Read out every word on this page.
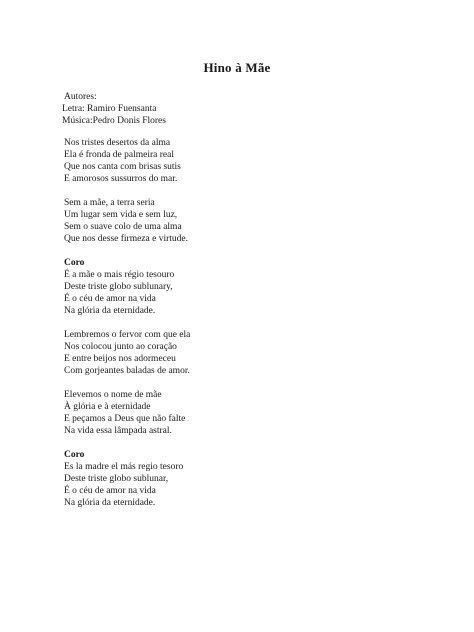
Hino à Mãe
Autores:
Letra: Ramiro Fuensanta
Música:Pedro Donis Flores
Nos tristes desertos da alma
Ela é fronda de palmeira real
Que nos canta com brisas sutis
E amorosos sussurros do mar.
Sem a mãe, a terra seria
Um lugar sem vida e sem luz,
Sem o suave colo de uma alma
Que nos desse firmeza e virtude.
Coro
É a mãe o mais régio tesouro
Deste triste globo sublunary,
É o céu de amor na vida
Na glória da eternidade.
Lembremos o fervor com que ela
Nos colocou junto ao coração
E entre beijos nos adormeceu
Com gorjeantes baladas de amor.
Elevemos o nome de mãe
À glória e à eternidade
E peçamos a Deus que não falte
Na vida essa lâmpada astral.
Coro
Es la madre el más regio tesoro
Deste triste globo sublunar,
É o céu de amor na vida
Na glória da eternidade.
